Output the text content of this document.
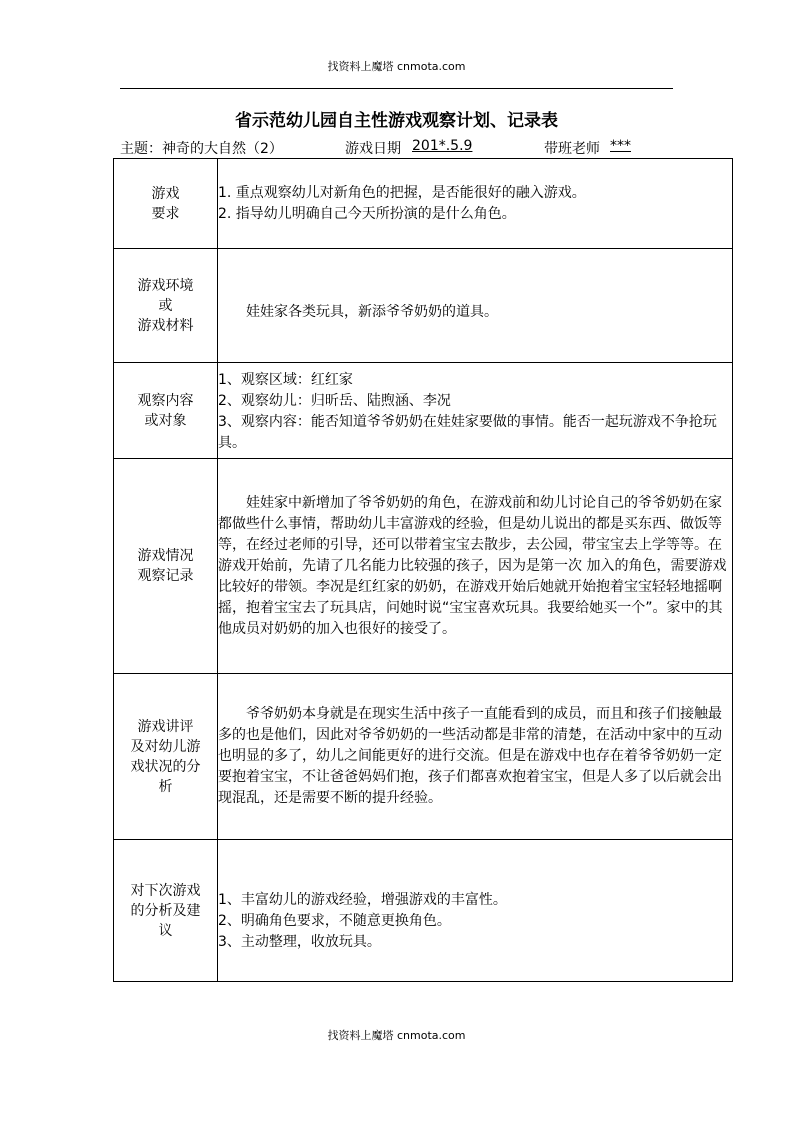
找资料上魔塔 cnmota.com
省示范幼儿园自主性游戏观察计划、记录表
主题：神奇的大自然（2）	游戏日期 201*.5.9	带班老师 ***
游戏
要求	1. 重点观察幼儿对新角色的把握，是否能很好的融入游戏。
2. 指导幼儿明确自己今天所扮演的是什么角色。

游戏环境
或
游戏材料	娃娃家各类玩具，新添爷爷奶奶的道具。

观察内容
或对象	1、观察区域：红红家
2、观察幼儿：归昕岳、陆煦涵、李况
3、观察内容：能否知道爷爷奶奶在娃娃家要做的事情。能否一起玩游戏不争抢玩具。

游戏情况
观察记录	娃娃家中新增加了爷爷奶奶的角色，在游戏前和幼儿讨论自己的爷爷奶奶在家都做些什么事情，帮助幼儿丰富游戏的经验，但是幼儿说出的都是买东西、做饭等等，在经过老师的引导，还可以带着宝宝去散步，去公园，带宝宝去上学等等。在游戏开始前，先请了几名能力比较强的孩子，因为是第一次 加入的角色，需要游戏比较好的带领。李况是红红家的奶奶，在游戏开始后她就开始抱着宝宝轻轻地摇啊摇，抱着宝宝去了玩具店，问她时说“宝宝喜欢玩具。我要给她买一个”。家中的其他成员对奶奶的加入也很好的接受了。

游戏讲评
及对幼儿游
戏状况的分
析	爷爷奶奶本身就是在现实生活中孩子一直能看到的成员，而且和孩子们接触最多的也是他们，因此对爷爷奶奶的一些活动都是非常的清楚，在活动中家中的互动也明显的多了，幼儿之间能更好的进行交流。但是在游戏中也存在着爷爷奶奶一定要抱着宝宝，不让爸爸妈妈们抱，孩子们都喜欢抱着宝宝，但是人多了以后就会出现混乱，还是需要不断的提升经验。

对下次游戏
的分析及建
议	1、丰富幼儿的游戏经验，增强游戏的丰富性。
2、明确角色要求，不随意更换角色。
3、主动整理，收放玩具。
找资料上魔塔 cnmota.com
